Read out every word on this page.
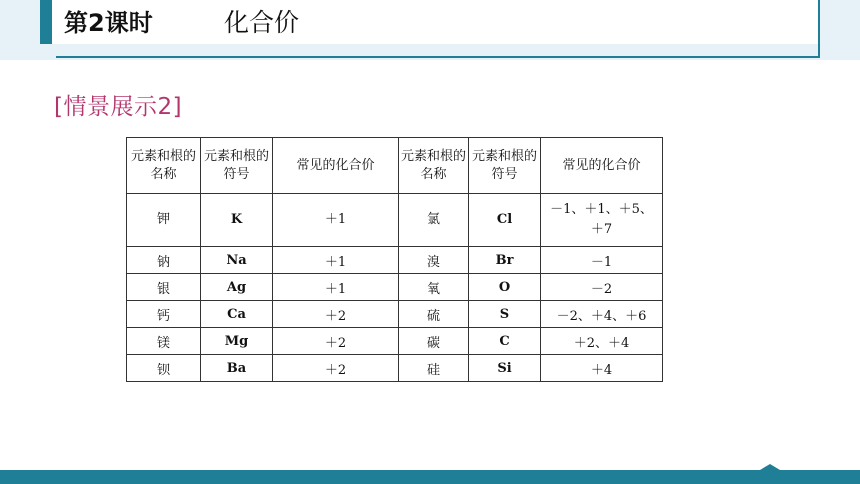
第2课时	化合价
[情景展示2]
元素和根的名称	元素和根的符号	常见的化合价	元素和根的名称	元素和根的符号	常见的化合价
钾	K	＋1	氯	Cl	－1、＋1、＋5、
＋7

钠	Na	＋1	溴	Br	－1
银	Ag	＋1	氧	O	－2
钙	Ca	＋2	硫	S	－2、＋4、＋6
镁	Mg	＋2	碳	C	＋2、＋4
钡	Ba	＋2	硅	Si	＋4
